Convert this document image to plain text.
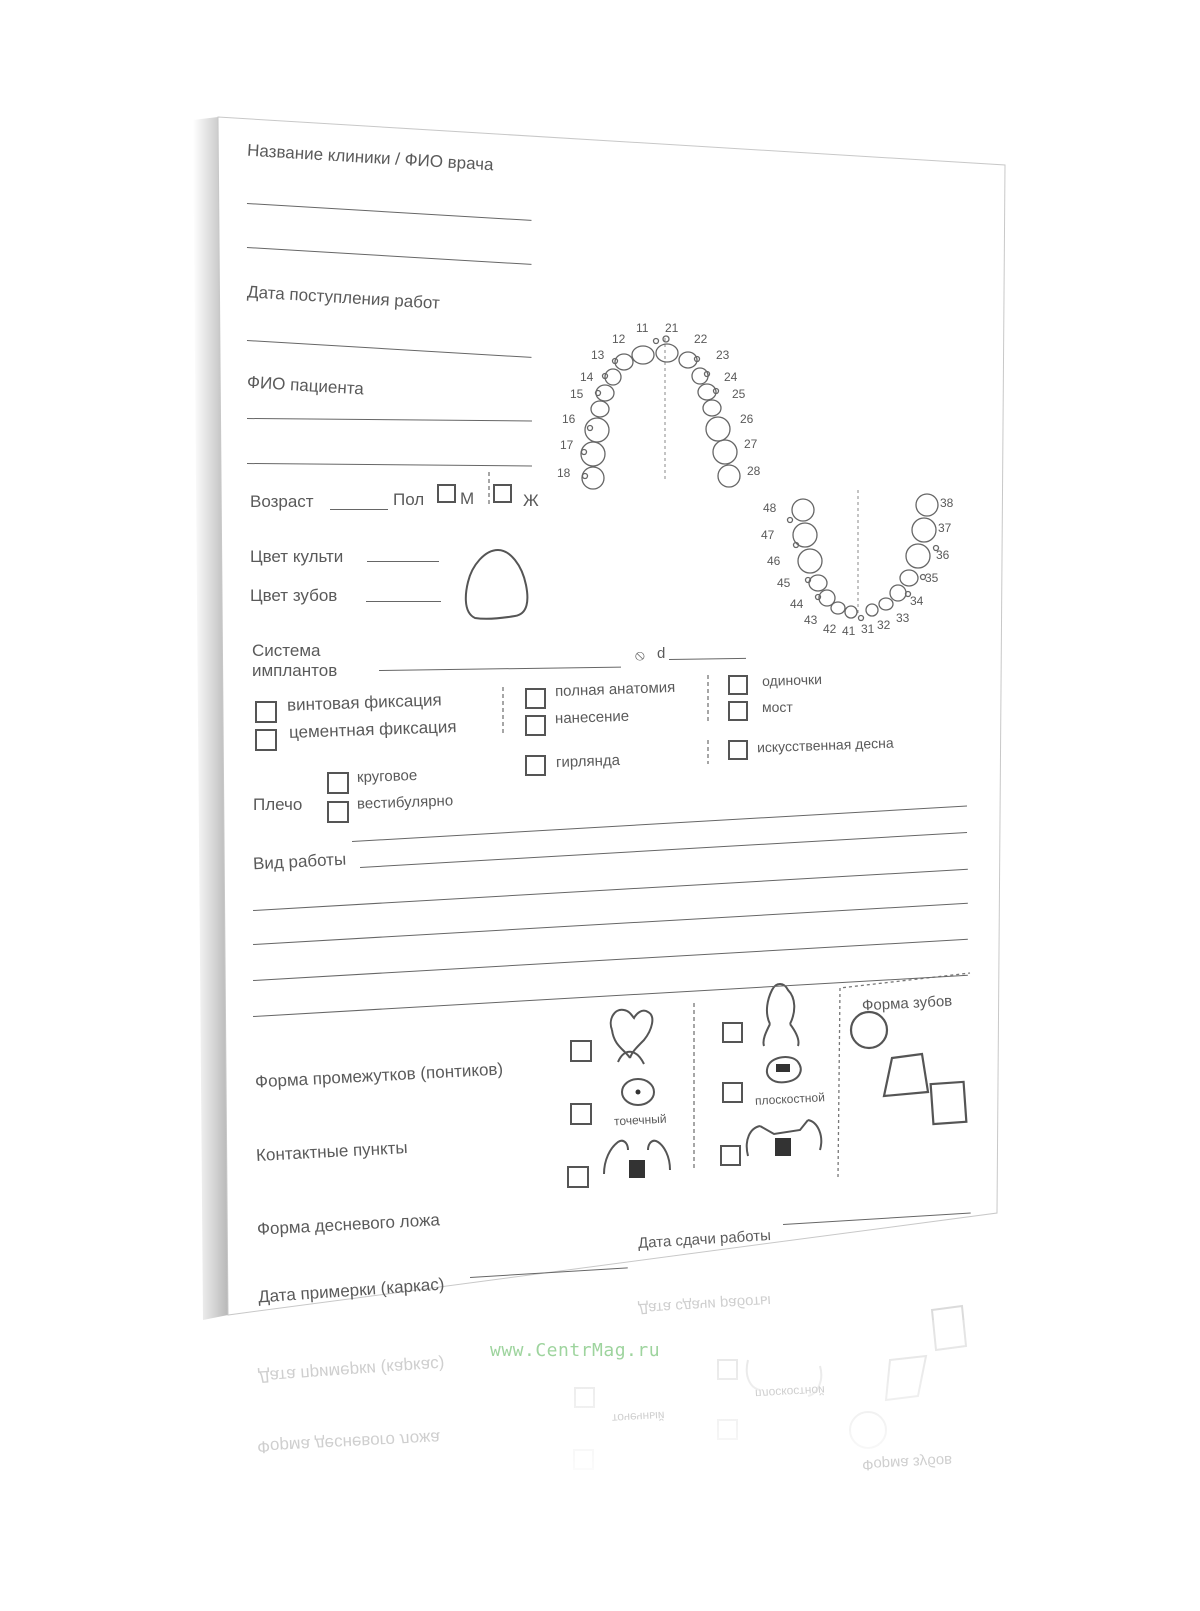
Название клиники / ФИО врача
Дата поступления работ
ФИО пациента
Возраст	Пол М	Ж
Цвет культи
Цвет зубов
11
12
13
14
15
16
17
18
21
22
23
24
25
26
27
28
48
47
46
45
44
43
42 41 31 32 33
34
35
36
37
38
Система
имплантов
⦸ d
винтовая фиксация
цементная фиксация
полная анатомия
нанесение
гирлянда
одиночки
мост
искусственная десна
Плечо
круговое
вестибулярно
Вид работы
Форма промежутков (понтиков)
Контактные пункты
точечный
плоскостной
Форма зубов
Форма десневого ложа
Дата сдачи работы
Дата примерки (каркас)	Дата сдачи работы
Дата примерки (каркас)
Форма десневого ложа
точечный
плоскостной
Форма зубов
www.CentrMag.ru
